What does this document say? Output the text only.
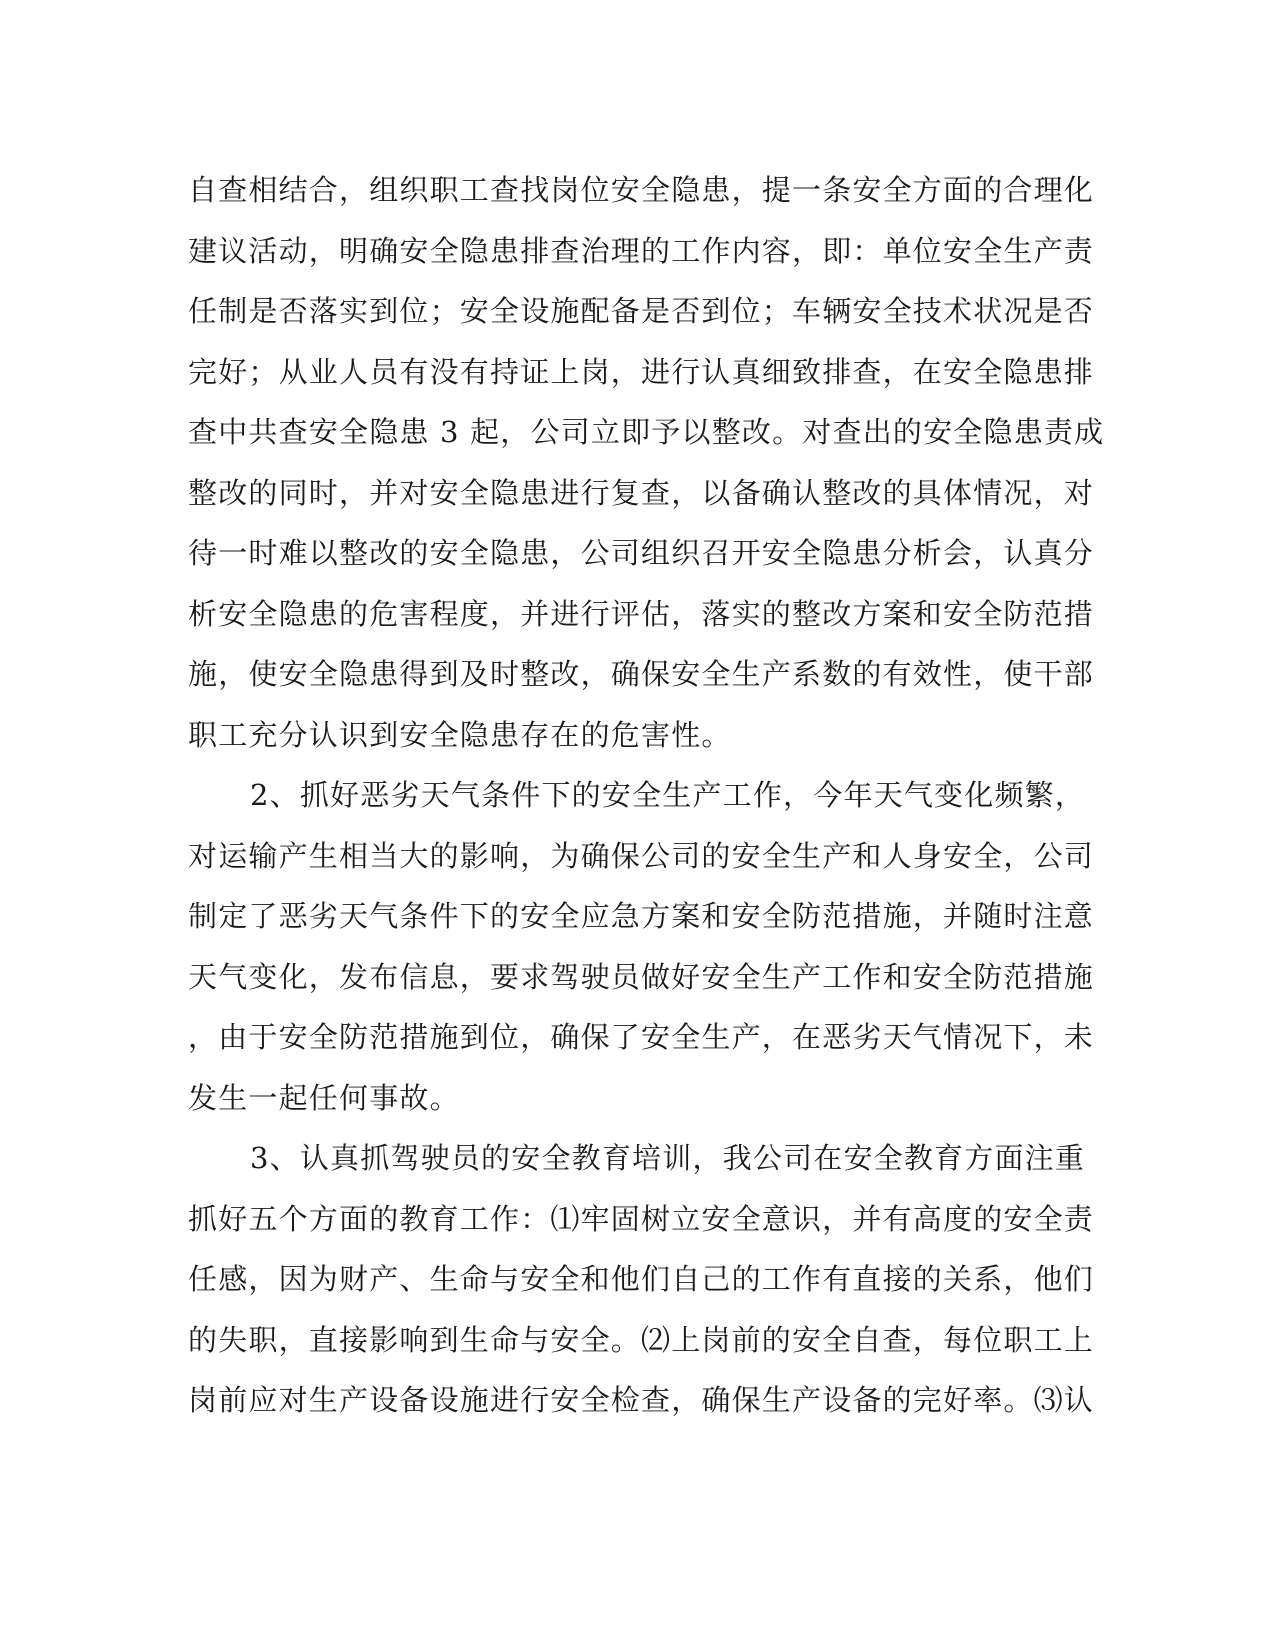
自查相结合，组织职工查找岗位安全隐患，提一条安全方面的合理化
建议活动，明确安全隐患排查治理的工作内容，即：单位安全生产责
任制是否落实到位；安全设施配备是否到位；车辆安全技术状况是否
完好；从业人员有没有持证上岗，进行认真细致排查，在安全隐患排
查中共查安全隐患 3 起，公司立即予以整改。对查出的安全隐患责成
整改的同时，并对安全隐患进行复查，以备确认整改的具体情况，对
待一时难以整改的安全隐患，公司组织召开安全隐患分析会，认真分
析安全隐患的危害程度，并进行评估，落实的整改方案和安全防范措
施，使安全隐患得到及时整改，确保安全生产系数的有效性，使干部
职工充分认识到安全隐患存在的危害性。
2、抓好恶劣天气条件下的安全生产工作，今年天气变化频繁，
对运输产生相当大的影响，为确保公司的安全生产和人身安全，公司
制定了恶劣天气条件下的安全应急方案和安全防范措施，并随时注意
天气变化，发布信息，要求驾驶员做好安全生产工作和安全防范措施
，由于安全防范措施到位，确保了安全生产，在恶劣天气情况下，未
发生一起任何事故。
3、认真抓驾驶员的安全教育培训，我公司在安全教育方面注重
抓好五个方面的教育工作：⑴牢固树立安全意识，并有高度的安全责
任感，因为财产、生命与安全和他们自己的工作有直接的关系，他们
的失职，直接影响到生命与安全。⑵上岗前的安全自查，每位职工上
岗前应对生产设备设施进行安全检查，确保生产设备的完好率。⑶认
